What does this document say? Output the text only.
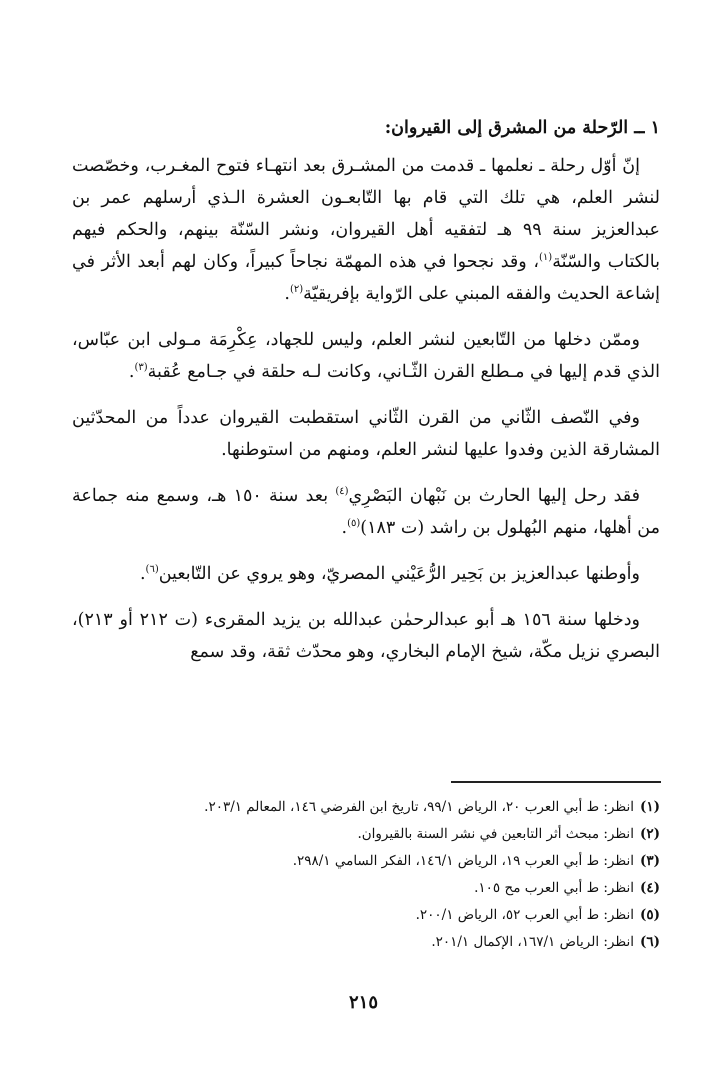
١ ــ الرّحلة من المشرق إلى القيروان:

إنّ أوّل رحلة ـ نعلمها ـ قدمت من المشـرق بعد انتهـاء فتوح المغـرب، وخصّصت لنشر العلم، هي تلك التي قام بها التّابعـون العشرة الـذي أرسلهم عمر بن عبدالعزيز سنة ٩٩ هـ لتفقيه أهل القيروان، ونشر السّنّة بينهم، والحكم فيهم بالكتاب والسّنّة$^{(١)}$، وقد نجحوا في هذه المهمّة نجاحاً كبيراً، وكان لهم أبعد الأثر في إشاعة الحديث والفقه المبني على الرّواية بإفريقيّة$^{(٢)}$.

وممّن دخلها من التّابعين لنشر العلم، وليس للجهاد، عِكْرِمَة مـولى ابن عبّاس، الذي قدم إليها في مـطلع القرن الثّـاني، وكانت لـه حلقة في جـامع عُقبة$^{(٣)}$.

وفي النّصف الثّاني من القرن الثّاني استقطبت القيروان عدداً من المحدّثين المشارقة الذين وفدوا عليها لنشر العلم، ومنهم من استوطنها.

فقد رحل إليها الحارث بن نَبْهان البَصْرِي$^{(٤)}$ بعد سنة ١٥٠ هـ، وسمع منه جماعة من أهلها، منهم البُهلول بن راشد (ت ١٨٣)$^{(٥)}$.

وأوطنها عبدالعزيز بن بَحِير الرُّعَيْني المصريّ، وهو يروي عن التّابعين$^{(٦)}$.

ودخلها سنة ١٥٦ هـ أبو عبدالرحمٰن عبدالله بن يزيد المقرىء (ت ٢١٢ أو ٢١٣)، البصري نزيل مكّة، شيخ الإمام البخاري، وهو محدّث ثقة، وقد سمع

(١)انظر: ط أبي العرب ٢٠، الرياض ٩٩/١، تاريخ ابن الفرضي ١٤٦، المعالم ٢٠٣/١.

(٢)انظر: مبحث أثر التابعين في نشر السنة بالقيروان.

(٣)انظر: ط أبي العرب ١٩، الرياض ١٤٦/١، الفكر السامي ٢٩٨/١.

(٤)انظر: ط أبي العرب مح ١٠٥.

(٥)انظر: ط أبي العرب ٥٢، الرياض ٢٠٠/١.

(٦)انظر: الرياض ١٦٧/١، الإكمال ٢٠١/١.

٢١٥
